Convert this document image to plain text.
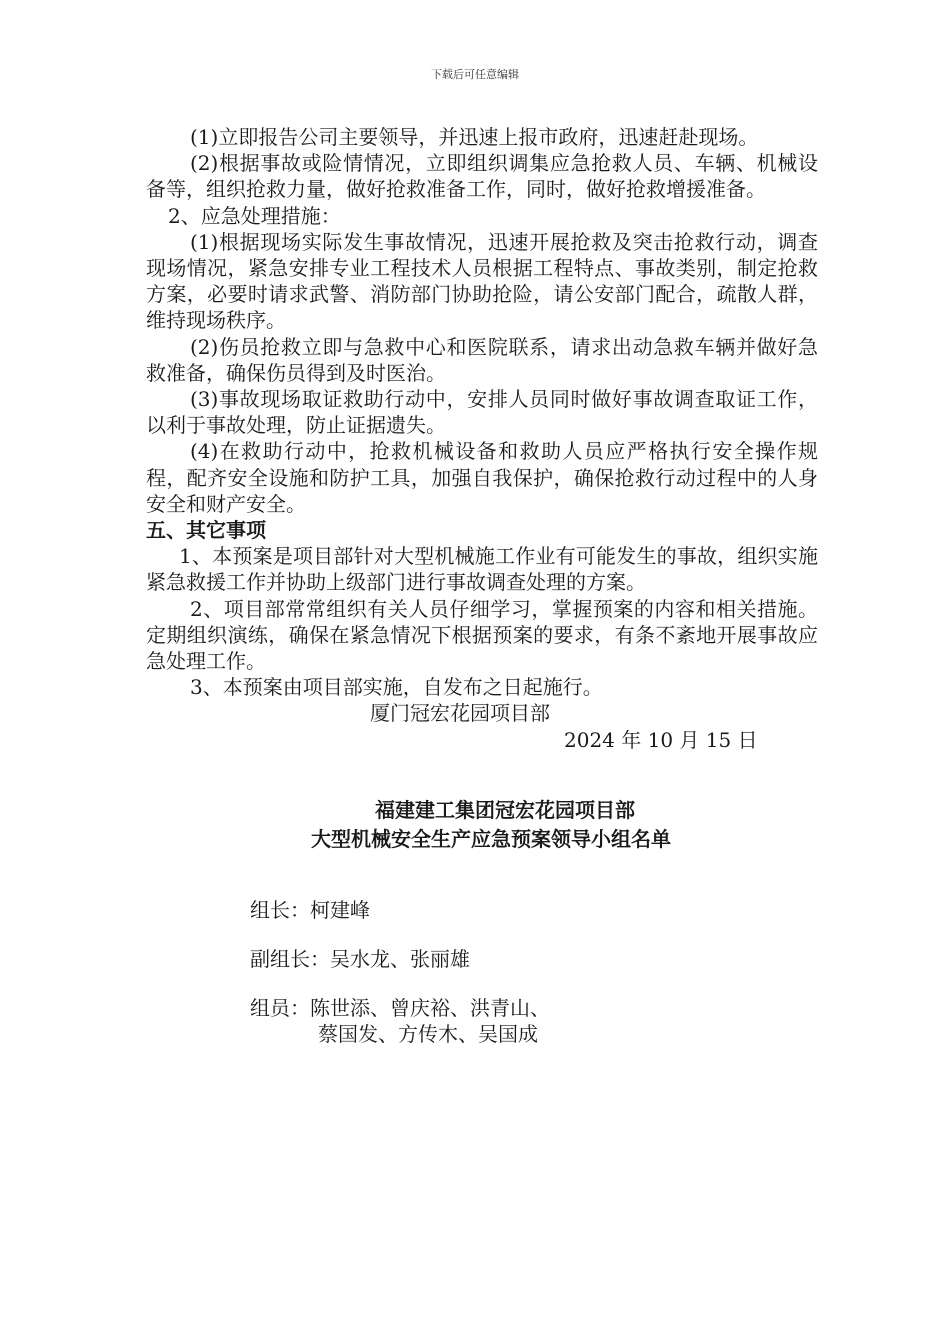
下载后可任意编辑

(1)立即报告公司主要领导，并迅速上报市政府，迅速赶赴现场。

(2)根据事故或险情情况，立即组织调集应急抢救人员、车辆、机械设备等，组织抢救力量，做好抢救准备工作，同时，做好抢救增援准备。

2、应急处理措施：

(1)根据现场实际发生事故情况，迅速开展抢救及突击抢救行动，调查现场情况，紧急安排专业工程技术人员根据工程特点、事故类别，制定抢救方案，必要时请求武警、消防部门协助抢险，请公安部门配合，疏散人群，维持现场秩序。

(2)伤员抢救立即与急救中心和医院联系，请求出动急救车辆并做好急救准备，确保伤员得到及时医治。

(3)事故现场取证救助行动中，安排人员同时做好事故调查取证工作，以利于事故处理，防止证据遗失。

(4)在救助行动中，抢救机械设备和救助人员应严格执行安全操作规程，配齐安全设施和防护工具，加强自我保护，确保抢救行动过程中的人身安全和财产安全。

五、其它事项

1、本预案是项目部针对大型机械施工作业有可能发生的事故，组织实施紧急救援工作并协助上级部门进行事故调查处理的方案。

2、项目部常常组织有关人员仔细学习，掌握预案的内容和相关措施。定期组织演练，确保在紧急情况下根据预案的要求，有条不紊地开展事故应急处理工作。

3、本预案由项目部实施，自发布之日起施行。

厦门冠宏花园项目部

2024 年 10 月 15 日

福建建工集团冠宏花园项目部
大型机械安全生产应急预案领导小组名单
组长：柯建峰
副组长：吴水龙、张丽雄
组员：陈世添、曾庆裕、洪青山、
蔡国发、方传木、吴国成
